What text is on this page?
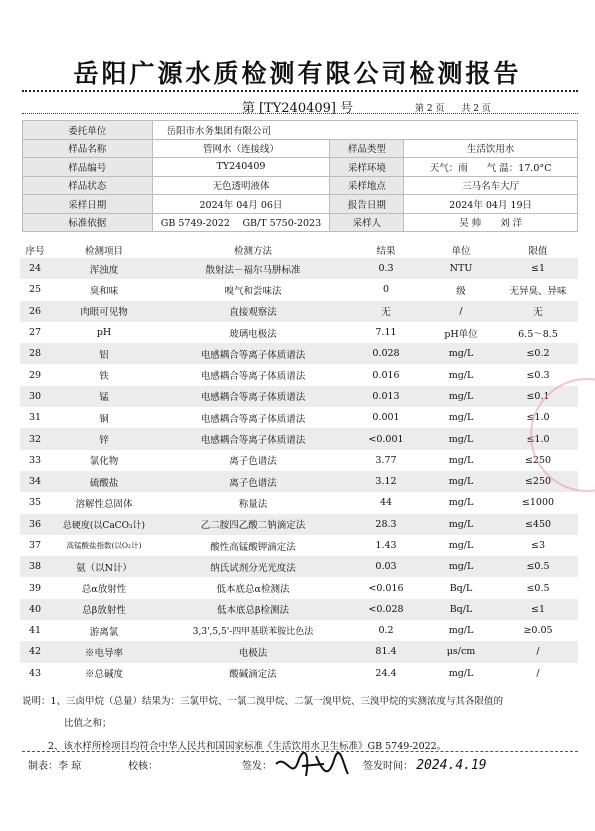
岳阳广源水质检测有限公司检测报告
第 [TY240409] 号	第 2 页 共 2 页
委托单位	岳阳市水务集团有限公司		
样品名称	管网水（连接线）	样品类型	生活饮用水
样品编号	TY240409	采样环境	天气：雨　　气 温：17.0°C
样品状态	无色透明液体	采样地点	三马名车大厅
采样日期	2024年 04月 06日	报告日期	2024年 04月 19日
标准依据	GB 5749-2022　 GB/T 5750-2023	采样人	吴 帅　　刘 洋
序号	检测项目	检测方法	结果	单位	限值
24	浑浊度	散射法－福尔马肼标准	0.3	NTU	≤1
25	臭和味	嗅气和尝味法	0	级	无异臭、异味
26	肉眼可见物	直接观察法	无	/	无
27	pH	玻璃电极法	7.11	pH单位	6.5～8.5
28	铝	电感耦合等离子体质谱法	0.028	mg/L	≤0.2
29	铁	电感耦合等离子体质谱法	0.016	mg/L	≤0.3
30	锰	电感耦合等离子体质谱法	0.013	mg/L	≤0.1
31	铜	电感耦合等离子体质谱法	0.001	mg/L	≤1.0
32	锌	电感耦合等离子体质谱法	<0.001	mg/L	≤1.0
33	氯化物	离子色谱法	3.77	mg/L	≤250
34	硫酸盐	离子色谱法	3.12	mg/L	≤250
35	溶解性总固体	称量法	44	mg/L	≤1000
36	总硬度(以CaCO₃计)	乙二胺四乙酸二钠滴定法	28.3	mg/L	≤450
37	高锰酸盐指数(以O₂计)	酸性高锰酸钾滴定法	1.43	mg/L	≤3
38	氨（以N计）	纳氏试剂分光光度法	0.03	mg/L	≤0.5
39	总α放射性	低本底总α检测法	<0.016	Bq/L	≤0.5
40	总β放射性	低本底总β检测法	<0.028	Bq/L	≤1
41	游离氯	3,3',5,5'-四甲基联苯胺比色法	0.2	mg/L	≥0.05
42	※电导率	电极法	81.4	μs/cm	/
43	※总碱度	酸碱滴定法	24.4	mg/L	/
说明：1、三卤甲烷（总量）结果为：三氯甲烷、一氯二溴甲烷、二氯一溴甲烷、三溴甲烷的实测浓度与其各限值的
比值之和；
2、该水样所检项目均符合中华人民共和国国家标准《生活饮用水卫生标准》GB 5749-2022。
制表：李 琼	校核：	签发：	签发时间： 2024.4.19
